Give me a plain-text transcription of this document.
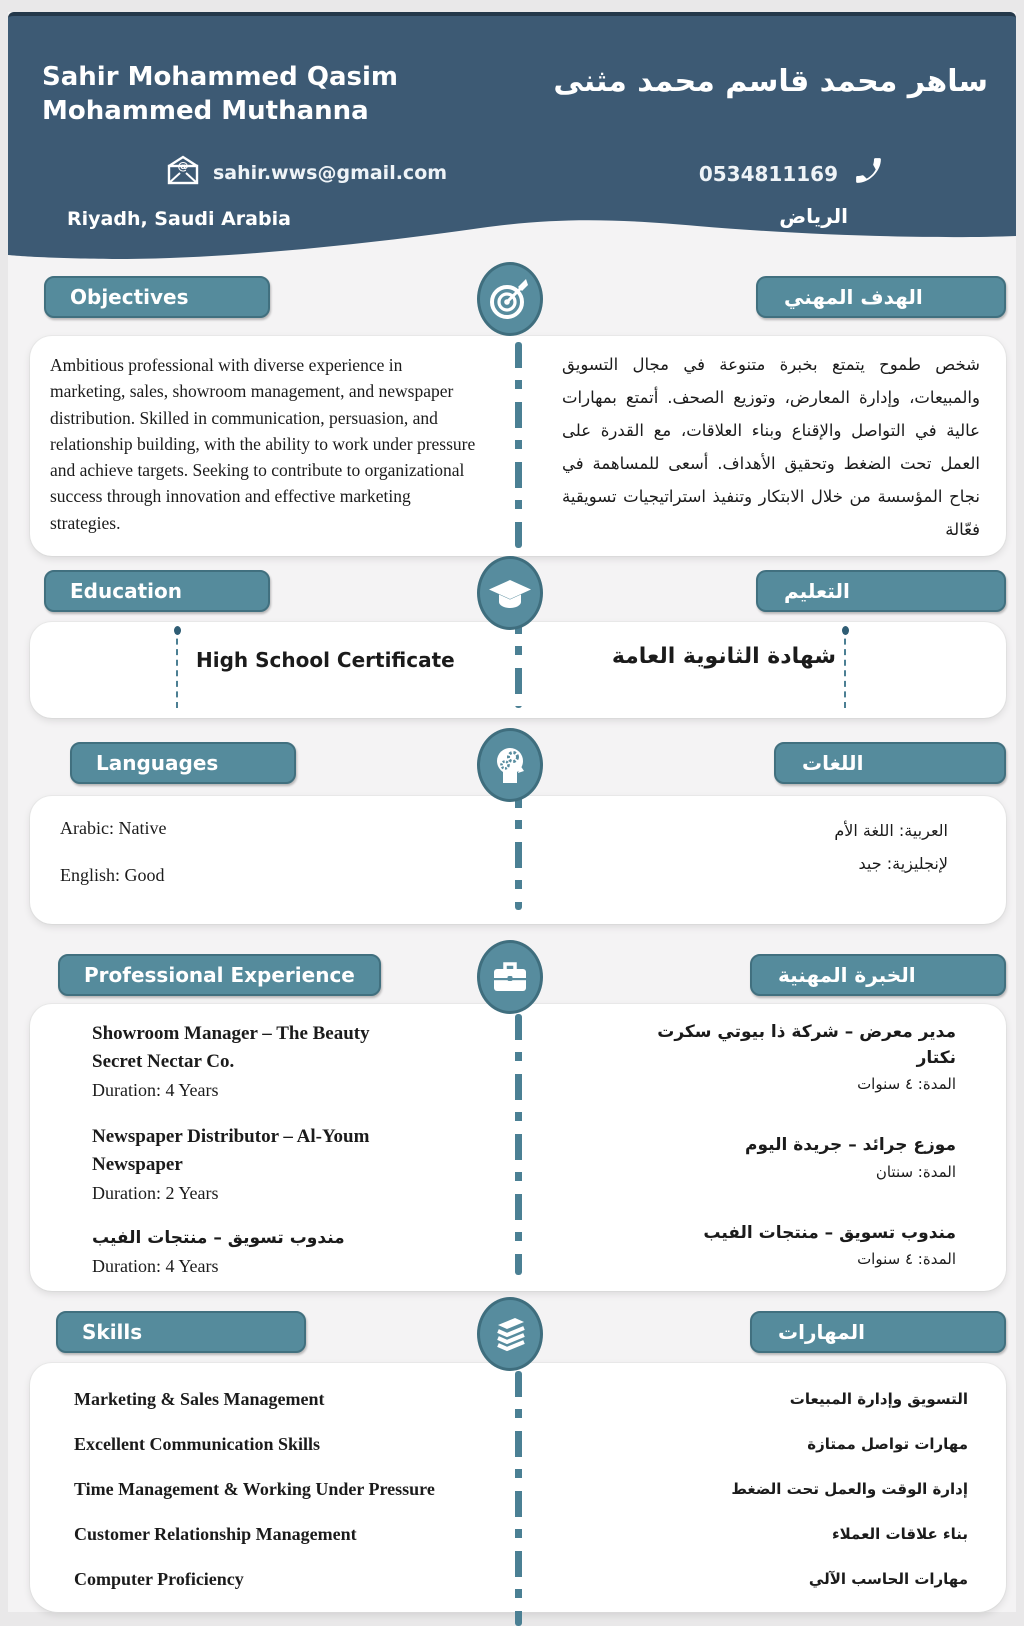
Sahir Mohammed Qasim
Mohammed Muthanna
ساهر محمد قاسم محمد مثنى
@ sahir.wws@gmail.com	0534811169
Riyadh, Saudi Arabia	الرياض
Objectives	الهدف المهني

Ambitious professional with diverse experience in marketing, sales, showroom management, and newspaper distribution. Skilled in communication, persuasion, and relationship building, with the ability to work under pressure and achieve targets. Seeking to contribute to organizational success through innovation and effective marketing strategies.

شخص طموح يتمتع بخبرة متنوعة في مجال التسويق والمبيعات، وإدارة المعارض، وتوزيع الصحف. أتمتع بمهارات عالية في التواصل والإقناع وبناء العلاقات، مع القدرة على العمل تحت الضغط وتحقيق الأهداف. أسعى للمساهمة في نجاح المؤسسة من خلال الابتكار وتنفيذ استراتيجيات تسويقية فعّالة

Education	التعليم
High School Certificate	شهادة الثانوية العامة
Languages	اللغات
Arabic: Native
English: Good
العربية: اللغة الأم
لإنجليزية: جيد
Professional Experience	الخبرة المهنية
Showroom Manager – The Beauty Secret Nectar Co.
Duration: 4 Years
Newspaper Distributor – Al-Youm Newspaper
Duration: 2 Years
مندوب تسويق – منتجات الفيب
Duration: 4 Years
مدير معرض – شركة ذا بيوتي سكرت نكتار
المدة: ٤ سنوات
موزع جرائد – جريدة اليوم
المدة: سنتان
مندوب تسويق – منتجات الفيب
المدة: ٤ سنوات
Skills	المهارات
Marketing & Sales Management
Excellent Communication Skills
Time Management & Working Under Pressure
Customer Relationship Management
Computer Proficiency
التسويق وإدارة المبيعات
مهارات تواصل ممتازة
إدارة الوقت والعمل تحت الضغط
بناء علاقات العملاء
مهارات الحاسب الآلي
